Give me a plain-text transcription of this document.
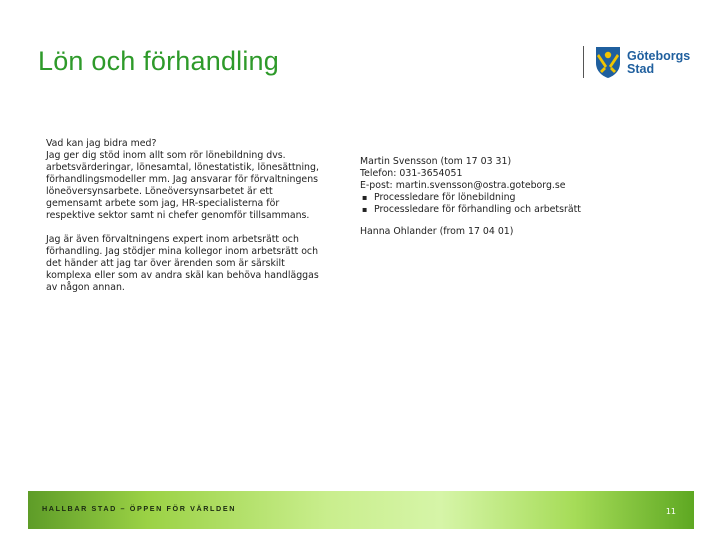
Lön och förhandling	Göteborgs
Stad

Vad kan jag bidra med?

Jag ger dig stöd inom allt som rör lönebildning dvs.

arbetsvärderingar, lönesamtal, lönestatistik, lönesättning,

förhandlingsmodeller mm. Jag ansvarar för förvaltningens

löneöversynsarbete. Löneöversynsarbetet är ett

gemensamt arbete som jag, HR-specialisterna för

respektive sektor samt ni chefer genomför tillsammans.

Jag är även förvaltningens expert inom arbetsrätt och

förhandling. Jag stödjer mina kollegor inom arbetsrätt och

det händer att jag tar över ärenden som är särskilt

komplexa eller som av andra skäl kan behöva handläggas

av någon annan.

Martin Svensson (tom 17 03 31)

Telefon: 031-3654051

E-post: martin.svensson@ostra.goteborg.se

▪ Processledare för lönebildning
▪ Processledare för förhandling och arbetsrätt

Hanna Ohlander (from 17 04 01)

HALLBAR STAD – ÖPPEN FÖR VÄRLDEN	11
